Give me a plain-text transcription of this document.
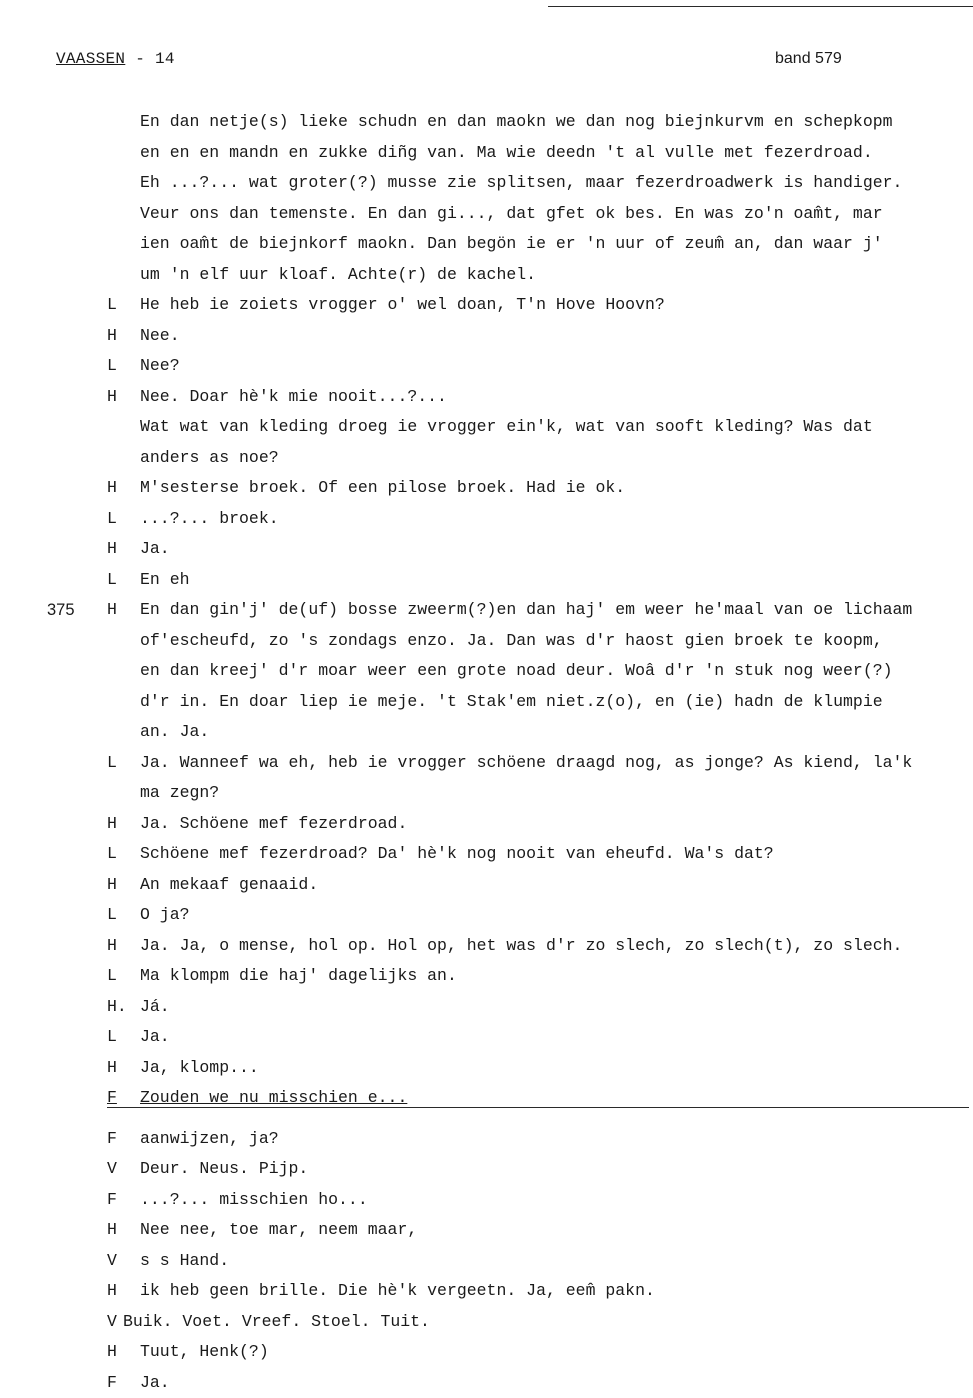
VAASSEN - 14	band 579
En dan netje(s) lieke schudn en dan maokn we dan nog biejnkurvm en schepkopm
en en en mandn en zukke diñg van. Ma wie deedn 't al vulle met fezerdroad.
Eh ...?... wat groter(?) musse zie splitsen, maar fezerdroadwerk is handiger.
Veur ons dan temenste. En dan gi..., dat gfet ok bes. En was zo'n oam̂t, mar
ien oam̂t de biejnkorf maokn. Dan begön ie er 'n uur of zeum̂ an, dan waar j'
um 'n elf uur kloaf. Achte(r) de kachel.
L He heb ie zoiets vrogger o' wel doan, T'n Hove Hoovn?
H Nee.
L Nee?
H Nee. Doar hè'k mie nooit...?...
Wat wat van kleding droeg ie vrogger ein'k, wat van sooft kleding? Was dat
anders as noe?
H M'sesterse broek. Of een pilose broek. Had ie ok.
L ...?... broek.
H Ja.
L En eh
375 H En dan gin'j' de(uf) bosse zweerm(?)en dan haj' em weer he'maal van oe lichaam
of'escheufd, zo 's zondags enzo. Ja. Dan was d'r haost gien broek te koopm,
en dan kreej' d'r moar weer een grote noad deur. Woâ d'r 'n stuk nog weer(?)
d'r in. En doar liep ie meje. 't Stak'em niet.z(o), en (ie) hadn de klumpie
an. Ja.
L Ja. Wanneef wa eh, heb ie vrogger schöene draagd nog, as jonge? As kiend, la'k
ma zegn?
H Ja. Schöene mef fezerdroad.
L Schöene mef fezerdroad? Da' hè'k nog nooit van eheufd. Wa's dat?
H An mekaaf genaaid.
L O ja?
H Ja. Ja, o mense, hol op. Hol op, het was d'r zo slech, zo slech(t), zo slech.
L Ma klompm die haj' dagelijks an.
H. Já.
L Ja.
H Ja, klomp...
F Zouden we nu misschien e...
F aanwijzen, ja?
V Deur. Neus. Pijp.
F ...?... misschien ho...
H Nee nee, toe mar, neem maar,
V s s Hand.
H ik heb geen brille. Die hè'k vergeetn. Ja, eem̂ pakn.
V Buik. Voet. Vreef. Stoel. Tuit.
H Tuut, Henk(?)
F Ja.
